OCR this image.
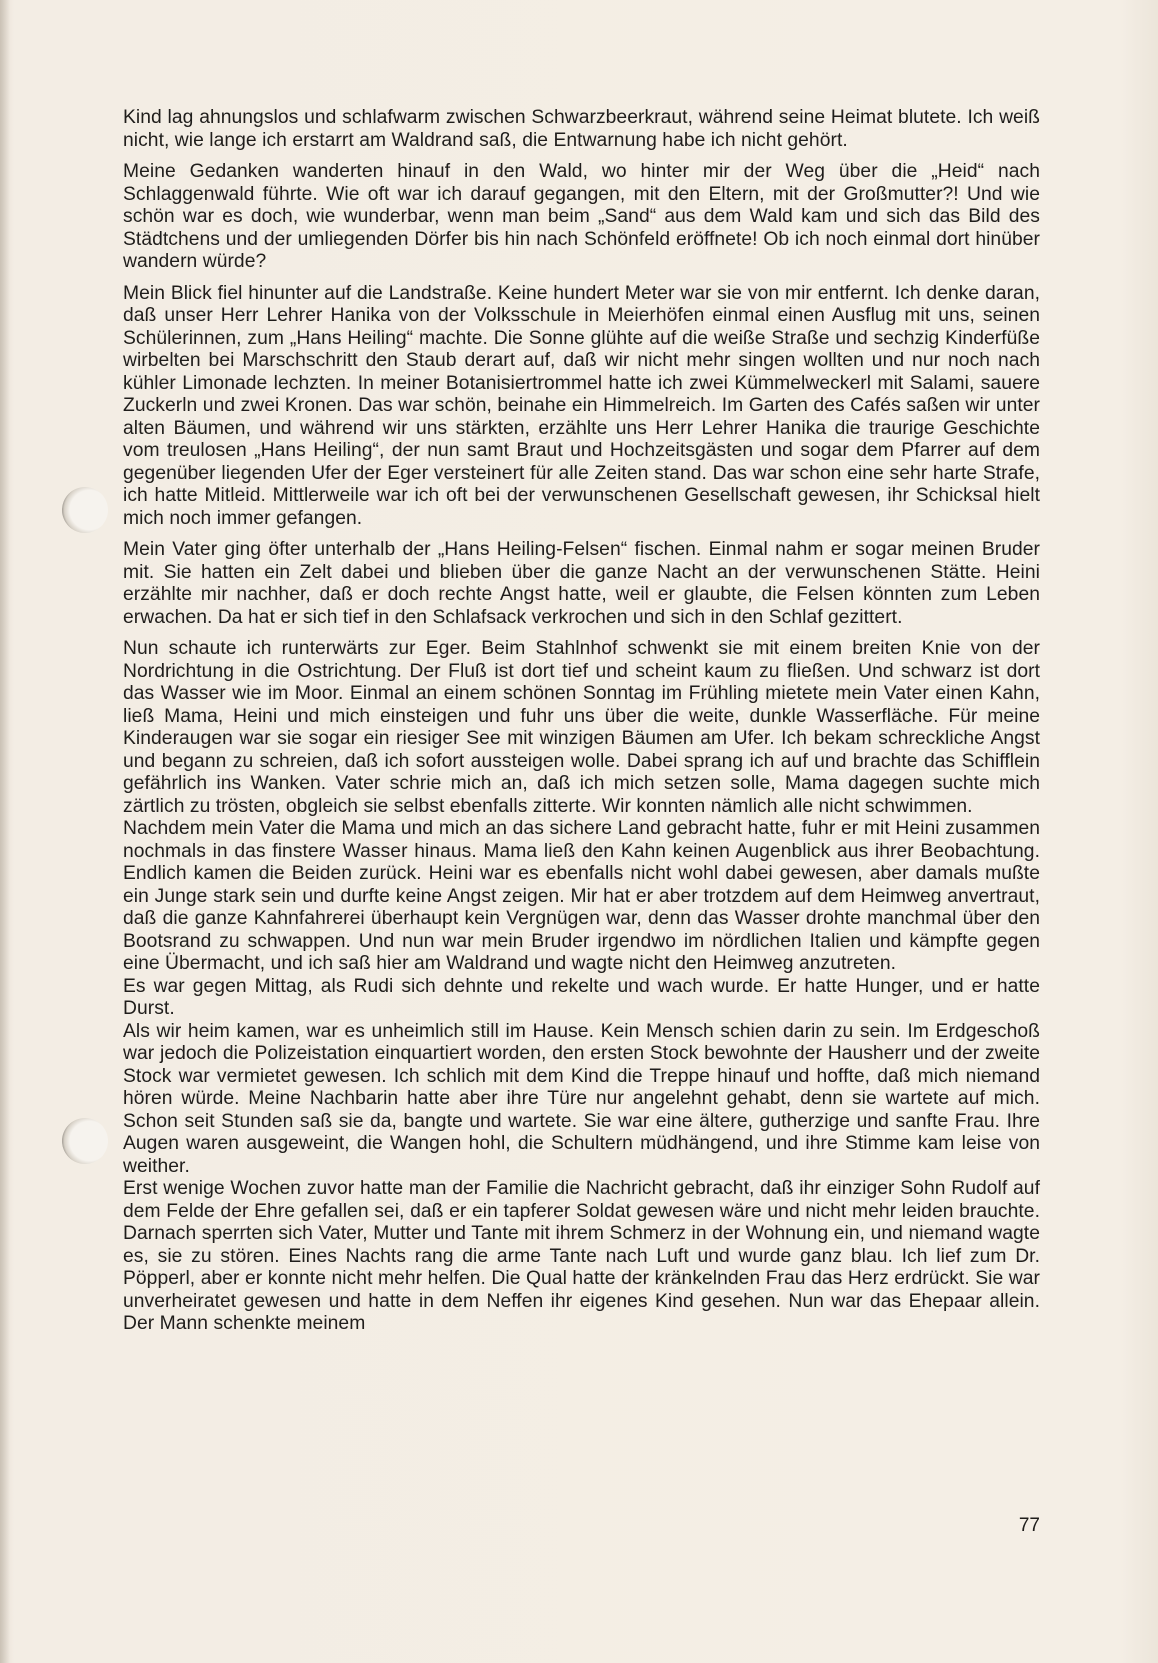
Kind lag ahnungslos und schlafwarm zwischen Schwarzbeerkraut, während seine Heimat blutete. Ich weiß nicht, wie lange ich erstarrt am Waldrand saß, die Entwarnung habe ich nicht gehört.

Meine Gedanken wanderten hinauf in den Wald, wo hinter mir der Weg über die „Heid“ nach Schlaggenwald führte. Wie oft war ich darauf gegangen, mit den Eltern, mit der Großmutter?! Und wie schön war es doch, wie wunderbar, wenn man beim „Sand“ aus dem Wald kam und sich das Bild des Städtchens und der umliegenden Dörfer bis hin nach Schönfeld eröffnete! Ob ich noch einmal dort hinüber wandern würde?

Mein Blick fiel hinunter auf die Landstraße. Keine hundert Meter war sie von mir entfernt. Ich denke daran, daß unser Herr Lehrer Hanika von der Volksschule in Meierhöfen einmal einen Ausflug mit uns, seinen Schülerinnen, zum „Hans Heiling“ machte. Die Sonne glühte auf die weiße Straße und sechzig Kinderfüße wirbelten bei Marschschritt den Staub derart auf, daß wir nicht mehr singen wollten und nur noch nach kühler Limonade lechzten. In meiner Botanisiertrommel hatte ich zwei Kümmelweckerl mit Salami, sauere Zuckerln und zwei Kronen. Das war schön, beinahe ein Himmelreich. Im Garten des Cafés saßen wir unter alten Bäumen, und während wir uns stärkten, erzählte uns Herr Lehrer Hanika die traurige Geschichte vom treulosen „Hans Heiling“, der nun samt Braut und Hochzeitsgästen und sogar dem Pfarrer auf dem gegenüber liegenden Ufer der Eger versteinert für alle Zeiten stand. Das war schon eine sehr harte Strafe, ich hatte Mitleid. Mittlerweile war ich oft bei der verwunschenen Gesellschaft gewesen, ihr Schicksal hielt mich noch immer gefangen.

Mein Vater ging öfter unterhalb der „Hans Heiling-Felsen“ fischen. Einmal nahm er sogar meinen Bruder mit. Sie hatten ein Zelt dabei und blieben über die ganze Nacht an der verwunschenen Stätte. Heini erzählte mir nachher, daß er doch rechte Angst hatte, weil er glaubte, die Felsen könnten zum Leben erwachen. Da hat er sich tief in den Schlafsack verkrochen und sich in den Schlaf gezittert.

Nun schaute ich runterwärts zur Eger. Beim Stahlnhof schwenkt sie mit einem breiten Knie von der Nordrichtung in die Ostrichtung. Der Fluß ist dort tief und scheint kaum zu fließen. Und schwarz ist dort das Wasser wie im Moor. Einmal an einem schönen Sonntag im Frühling mietete mein Vater einen Kahn, ließ Mama, Heini und mich einsteigen und fuhr uns über die weite, dunkle Wasserfläche. Für meine Kinderaugen war sie sogar ein riesiger See mit winzigen Bäumen am Ufer. Ich bekam schreckliche Angst und begann zu schreien, daß ich sofort aussteigen wolle. Dabei sprang ich auf und brachte das Schifflein gefährlich ins Wanken. Vater schrie mich an, daß ich mich setzen solle, Mama dagegen suchte mich zärtlich zu trösten, obgleich sie selbst ebenfalls zitterte. Wir konnten nämlich alle nicht schwimmen.

Nachdem mein Vater die Mama und mich an das sichere Land gebracht hatte, fuhr er mit Heini zusammen nochmals in das finstere Wasser hinaus. Mama ließ den Kahn keinen Augenblick aus ihrer Beobachtung. Endlich kamen die Beiden zurück. Heini war es ebenfalls nicht wohl dabei gewesen, aber damals mußte ein Junge stark sein und durfte keine Angst zeigen. Mir hat er aber trotzdem auf dem Heimweg anvertraut, daß die ganze Kahnfahrerei überhaupt kein Vergnügen war, denn das Wasser drohte manchmal über den Bootsrand zu schwappen. Und nun war mein Bruder irgendwo im nördlichen Italien und kämpfte gegen eine Übermacht, und ich saß hier am Waldrand und wagte nicht den Heimweg anzutreten.

Es war gegen Mittag, als Rudi sich dehnte und rekelte und wach wurde. Er hatte Hunger, und er hatte Durst.

Als wir heim kamen, war es unheimlich still im Hause. Kein Mensch schien darin zu sein. Im Erdgeschoß war jedoch die Polizeistation einquartiert worden, den ersten Stock bewohnte der Hausherr und der zweite Stock war vermietet gewesen. Ich schlich mit dem Kind die Treppe hinauf und hoffte, daß mich niemand hören würde. Meine Nachbarin hatte aber ihre Türe nur angelehnt gehabt, denn sie wartete auf mich. Schon seit Stunden saß sie da, bangte und wartete. Sie war eine ältere, gutherzige und sanfte Frau. Ihre Augen waren ausgeweint, die Wangen hohl, die Schultern müdhängend, und ihre Stimme kam leise von weither.

Erst wenige Wochen zuvor hatte man der Familie die Nachricht gebracht, daß ihr einziger Sohn Rudolf auf dem Felde der Ehre gefallen sei, daß er ein tapferer Soldat gewesen wäre und nicht mehr leiden brauchte. Darnach sperrten sich Vater, Mutter und Tante mit ihrem Schmerz in der Wohnung ein, und niemand wagte es, sie zu stören. Eines Nachts rang die arme Tante nach Luft und wurde ganz blau. Ich lief zum Dr. Pöpperl, aber er konnte nicht mehr helfen. Die Qual hatte der kränkelnden Frau das Herz erdrückt. Sie war unverheiratet gewesen und hatte in dem Neffen ihr eigenes Kind gesehen. Nun war das Ehepaar allein. Der Mann schenkte meinem

77
